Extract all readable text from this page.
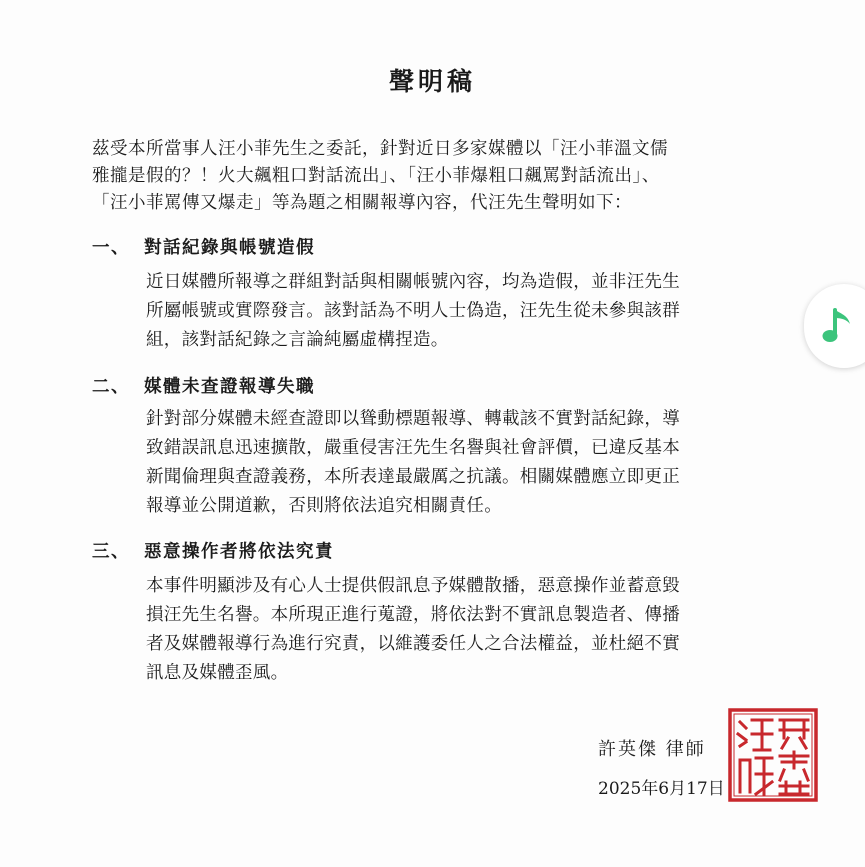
聲明稿

茲受本所當事人汪小菲先生之委託，針對近日多家媒體以「汪小菲溫文儒

雅攏是假的？！火大飆粗口對話流出」、「汪小菲爆粗口飆罵對話流出」、

「汪小菲罵傳又爆走」等為題之相關報導內容，代汪先生聲明如下：

一、 對話紀錄與帳號造假

近日媒體所報導之群組對話與相關帳號內容，均為造假，並非汪先生

所屬帳號或實際發言。該對話為不明人士偽造，汪先生從未參與該群

組，該對話紀錄之言論純屬虛構捏造。

二、 媒體未查證報導失職

針對部分媒體未經查證即以聳動標題報導、轉載該不實對話紀錄，導

致錯誤訊息迅速擴散，嚴重侵害汪先生名譽與社會評價，已違反基本

新聞倫理與查證義務，本所表達最嚴厲之抗議。相關媒體應立即更正

報導並公開道歉，否則將依法追究相關責任。

三、 惡意操作者將依法究責

本事件明顯涉及有心人士提供假訊息予媒體散播，惡意操作並蓄意毀

損汪先生名譽。本所現正進行蒐證，將依法對不實訊息製造者、傳播

者及媒體報導行為進行究責，以維護委任人之合法權益，並杜絕不實

訊息及媒體歪風。

許英傑 律師
2025年6月17日
